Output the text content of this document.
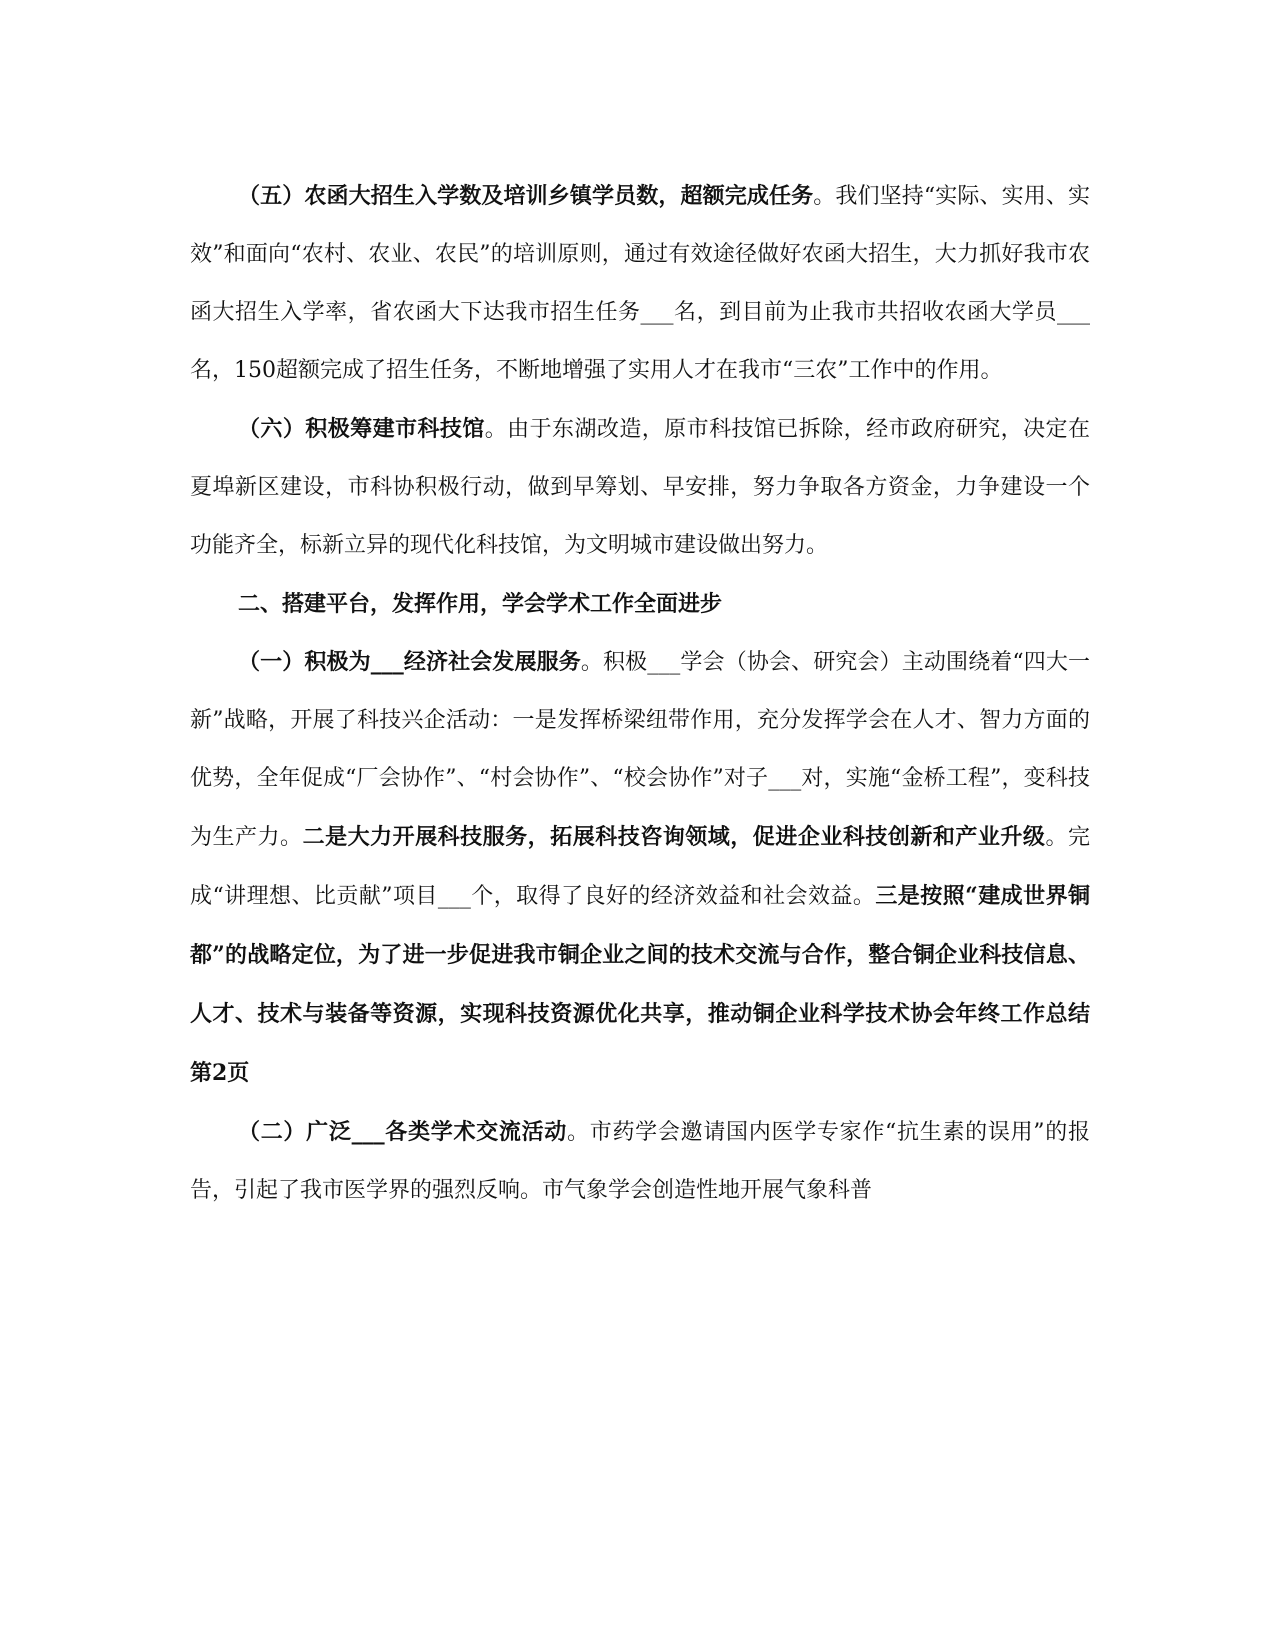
（五）农函大招生入学数及培训乡镇学员数，超额完成任务。我们坚持“实际、实用、实效”和面向“农村、农业、农民”的培训原则，通过有效途径做好农函大招生，大力抓好我市农函大招生入学率，省农函大下达我市招生任务___名，到目前为止我市共招收农函大学员___名，150超额完成了招生任务，不断地增强了实用人才在我市“三农”工作中的作用。

（六）积极筹建市科技馆。由于东湖改造，原市科技馆已拆除，经市政府研究，决定在夏埠新区建设，市科协积极行动，做到早筹划、早安排，努力争取各方资金，力争建设一个功能齐全，标新立异的现代化科技馆，为文明城市建设做出努力。

二、搭建平台，发挥作用，学会学术工作全面进步

（一）积极为___经济社会发展服务。积极___学会（协会、研究会）主动围绕着“四大一新”战略，开展了科技兴企活动：一是发挥桥梁纽带作用，充分发挥学会在人才、智力方面的优势，全年促成“厂会协作”、“村会协作”、“校会协作”对子___对，实施“金桥工程”，变科技为生产力。二是大力开展科技服务，拓展科技咨询领域，促进企业科技创新和产业升级。完成“讲理想、比贡献”项目___个，取得了良好的经济效益和社会效益。三是按照“建成世界铜都”的战略定位，为了进一步促进我市铜企业之间的技术交流与合作，整合铜企业科技信息、人才、技术与装备等资源，实现科技资源优化共享，推动铜企业科学技术协会年终工作总结第2页

（二）广泛___各类学术交流活动。市药学会邀请国内医学专家作“抗生素的误用”的报告，引起了我市医学界的强烈反响。市气象学会创造性地开展气象科普
